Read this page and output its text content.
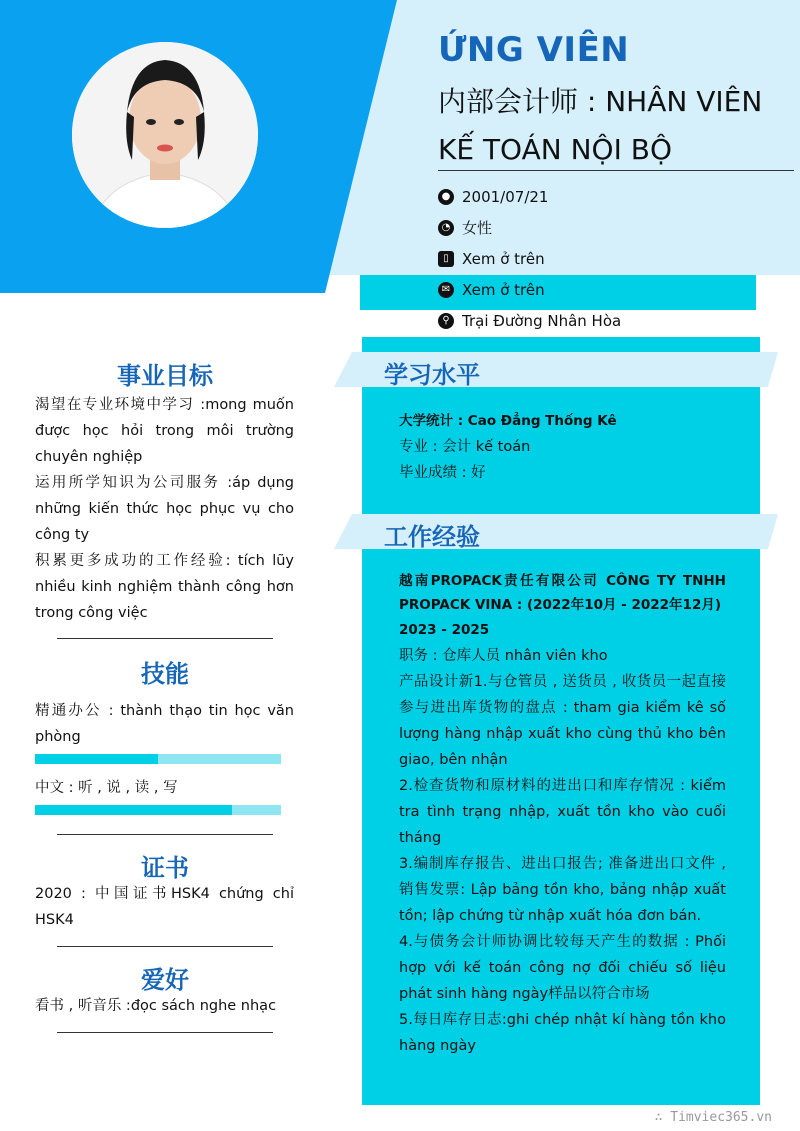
ỨNG VIÊN
内部会计师 : NHÂN VIÊN KẾ TOÁN NỘI BỘ
● 2001/07/21
◔ 女性
▯ Xem ở trên
✉ Xem ở trên
⚲ Trại Đường Nhân Hòa
学习水平
大学统计 : Cao Đẳng Thống Kê
专业 : 会计 kế toán
毕业成绩 : 好
工作经验
越南PROPACK责任有限公司 CÔNG TY TNHH PROPACK VINA : (2022年10月 - 2022年12月)
2023 - 2025
职务 : 仓库人员 nhân viên kho
产品设计新1.与仓管员 , 送货员 , 收货员一起直接参与进出库货物的盘点 : tham gia kiểm kê số lượng hàng nhập xuất kho cùng thủ kho bên giao, bên nhận
2.检查货物和原材料的进出口和库存情况 : kiểm tra tình trạng nhập, xuất tồn kho vào cuối tháng
3.编制库存报告、进出口报告; 准备进出口文件 , 销售发票: Lập bảng tồn kho, bảng nhập xuất tồn; lập chứng từ nhập xuất hóa đơn bán.
4.与债务会计师协调比较每天产生的数据 : Phối hợp với kế toán công nợ đối chiếu số liệu phát sinh hàng ngày样品以符合市场
5.每日库存日志:ghi chép nhật kí hàng tồn kho hàng ngày
事业目标
渴望在专业环境中学习 :mong muốn được học hỏi trong môi trường chuyên nghiệp
运用所学知识为公司服务 :áp dụng những kiến thức học phục vụ cho công ty
积累更多成功的工作经验: tích lũy nhiều kinh nghiệm thành công hơn trong công việc
技能
精通办公 : thành thạo tin học văn phòng
中文 : 听 , 说 , 读 , 写
证书
2020 : 中国证书HSK4 chứng chỉ HSK4
爱好
看书 , 听音乐 :đọc sách nghe nhạc
∴ Timviec365.vn
